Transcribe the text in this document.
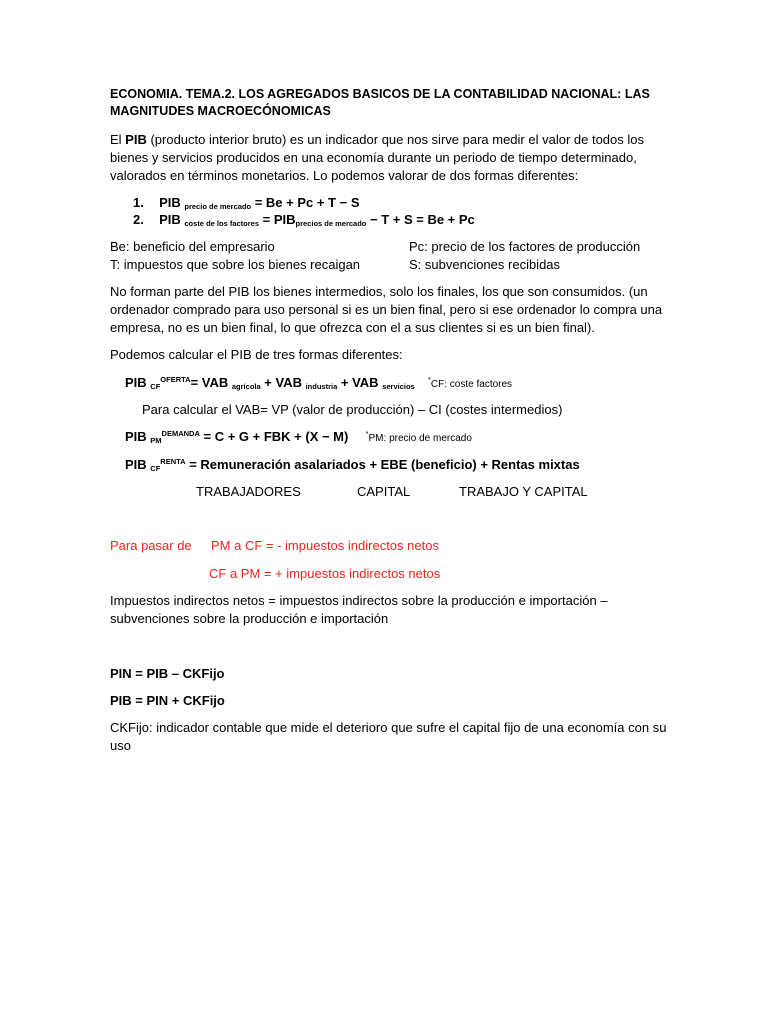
ECONOMIA. TEMA.2. LOS AGREGADOS BASICOS DE LA CONTABILIDAD NACIONAL: LAS MAGNITUDES MACROECÓNOMICAS
El PIB (producto interior bruto) es un indicador que nos sirve para medir el valor de todos los bienes y servicios producidos en una economía durante un periodo de tiempo determinado, valorados en términos monetarios. Lo podemos valorar de dos formas diferentes:
1. PIB $_{precio de mercado}$ = Be + Pc + T − S
2. PIB $_{coste de los factores} = PIB_{precios de mercado} - T + S = Be + Pc$
Be: beneficio del empresario	Pc: precio de los factores de producción
T: impuestos que sobre los bienes recaigan	S: subvenciones recibidas
No forman parte del PIB los bienes intermedios, solo los finales, los que son consumidos. (un ordenador comprado para uso personal si es un bien final, pero si ese ordenador lo compra una empresa, no es un bien final, lo que ofrezca con el a sus clientes si es un bien final).
Podemos calcular el PIB de tres formas diferentes:
PIB $_{CF}^{OFERTA}$= VAB $_{agrícola}$ + VAB $_{industria}$ + VAB $_{servicios}$  *CF: coste factores
Para calcular el VAB= VP (valor de producción) – CI (costes intermedios)
PIB $_{PM}^{DEMANDA}$ = C + G + FBK + (X − M) *PM: precio de mercado
PIB $_{CF}^{RENTA}$ = Remuneración asalariados + EBE (beneficio) + Rentas mixtas
TRABAJADORES	CAPITAL	TRABAJO Y CAPITAL
Para pasar de PM a CF = - impuestos indirectos netos
CF a PM = + impuestos indirectos netos
Impuestos indirectos netos = impuestos indirectos sobre la producción e importación – subvenciones sobre la producción e importación
PIN = PIB – CKFijo
PIB = PIN + CKFijo
CKFijo: indicador contable que mide el deterioro que sufre el capital fijo de una economía con su uso
